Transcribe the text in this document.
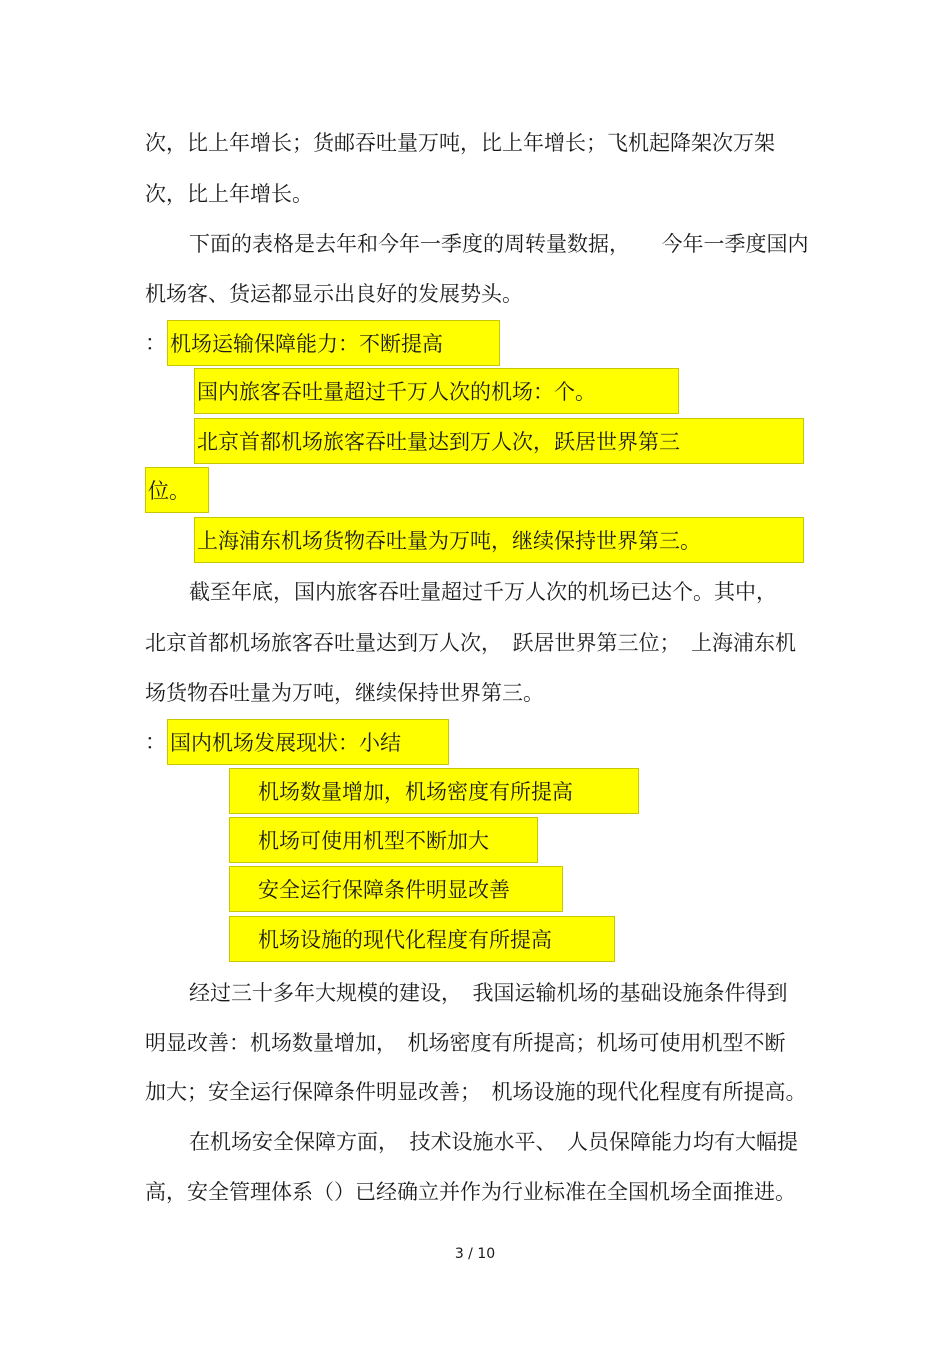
次，比上年增长；货邮吞吐量万吨，比上年增长；飞机起降架次万架

次，比上年增长。

下面的表格是去年和今年一季度的周转量数据，　　今年一季度国内

机场客、货运都显示出良好的发展势头。

： 机场运输保障能力：不断提高
国内旅客吞吐量超过千万人次的机场：个。
北京首都机场旅客吞吐量达到万人次，跃居世界第三
位。
上海浦东机场货物吞吐量为万吨，继续保持世界第三。

截至年底，国内旅客吞吐量超过千万人次的机场已达个。其中，

北京首都机场旅客吞吐量达到万人次，　跃居世界第三位；　上海浦东机

场货物吞吐量为万吨，继续保持世界第三。

： 国内机场发展现状：小结
机场数量增加，机场密度有所提高
机场可使用机型不断加大
安全运行保障条件明显改善
机场设施的现代化程度有所提高

经过三十多年大规模的建设，　我国运输机场的基础设施条件得到

明显改善：机场数量增加，　机场密度有所提高；机场可使用机型不断

加大；安全运行保障条件明显改善；　机场设施的现代化程度有所提高。

在机场安全保障方面，　技术设施水平、　人员保障能力均有大幅提

高，安全管理体系（）已经确立并作为行业标准在全国机场全面推进。

3 / 10
